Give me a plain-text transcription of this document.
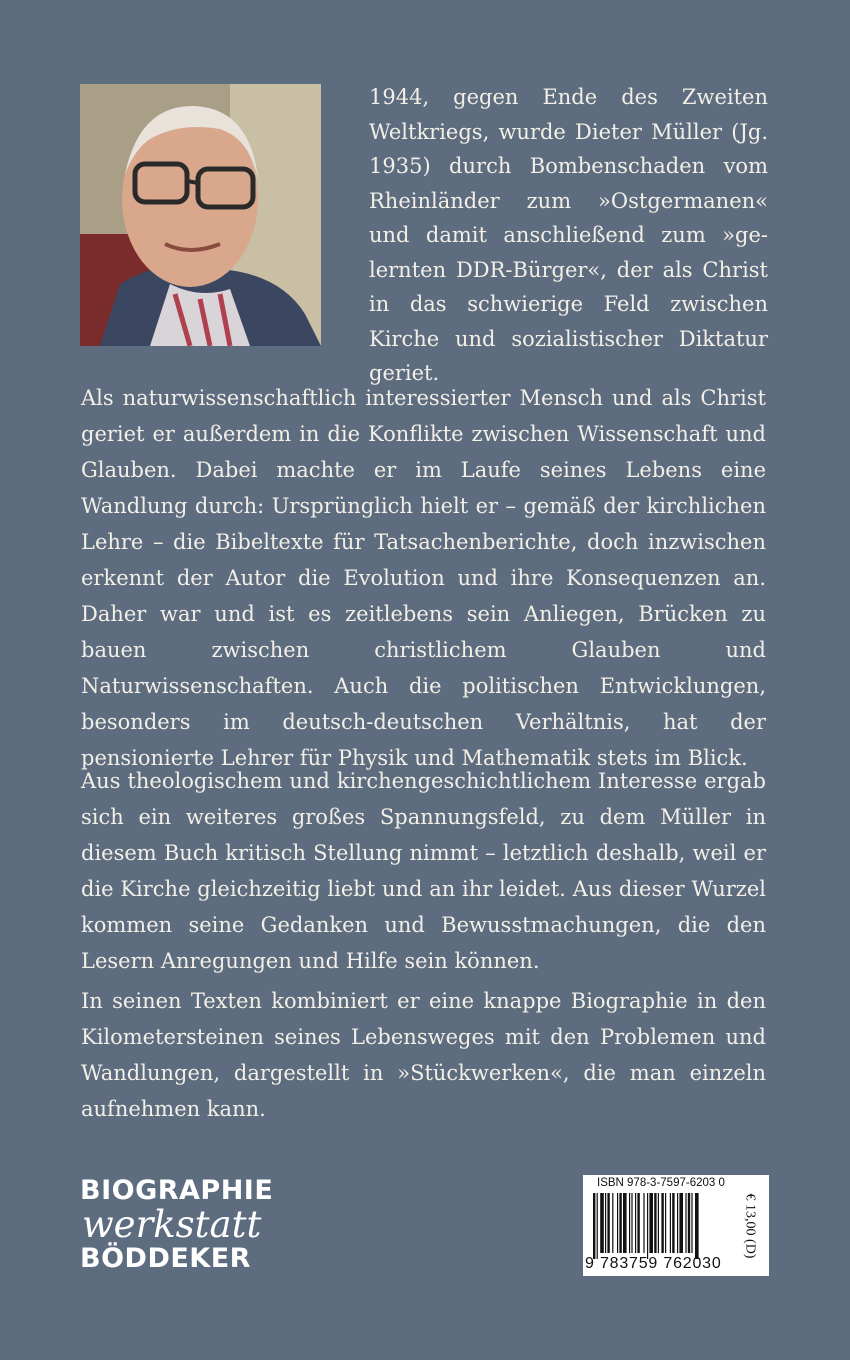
1944, gegen Ende des Zweiten Weltkriegs, wurde Dieter Müller (Jg. 1935) durch Bombenschaden vom Rheinländer zum »Ostgermanen« und damit anschließend zum »gelernten DDR-Bürger«, der als Christ in das schwierige Feld zwischen Kirche und sozialistischer Diktatur geriet.

Als naturwissenschaftlich interessierter Mensch und als Christ geriet er außerdem in die Konflikte zwischen Wissenschaft und Glauben. Dabei machte er im Laufe seines Lebens eine Wandlung durch: Ursprünglich hielt er – gemäß der kirchlichen Lehre – die Bibeltexte für Tatsachenberichte, doch inzwischen erkennt der Autor die Evolution und ihre Konsequenzen an. Daher war und ist es zeitlebens sein Anliegen, Brücken zu bauen zwischen christlichem Glauben und Naturwissenschaften. Auch die politischen Entwicklungen, besonders im deutsch-deutschen Verhältnis, hat der pensionierte Lehrer für Physik und Mathematik stets im Blick.

Aus theologischem und kirchengeschichtlichem Interesse ergab sich ein weiteres großes Spannungsfeld, zu dem Müller in diesem Buch kritisch Stellung nimmt – letztlich deshalb, weil er die Kirche gleichzeitig liebt und an ihr leidet. Aus dieser Wurzel kommen seine Gedanken und Bewusstmachungen, die den Lesern Anregungen und Hilfe sein können.

In seinen Texten kombiniert er eine knappe Biographie in den Kilometersteinen seines Lebensweges mit den Problemen und Wandlungen, dargestellt in »Stückwerken«, die man einzeln aufnehmen kann.

BIOGRAPHIE
werkstatt
BÖDDEKER
ISBN 978-3-7597-6203 0
9 783759 762030
€ 13,00 (D)
